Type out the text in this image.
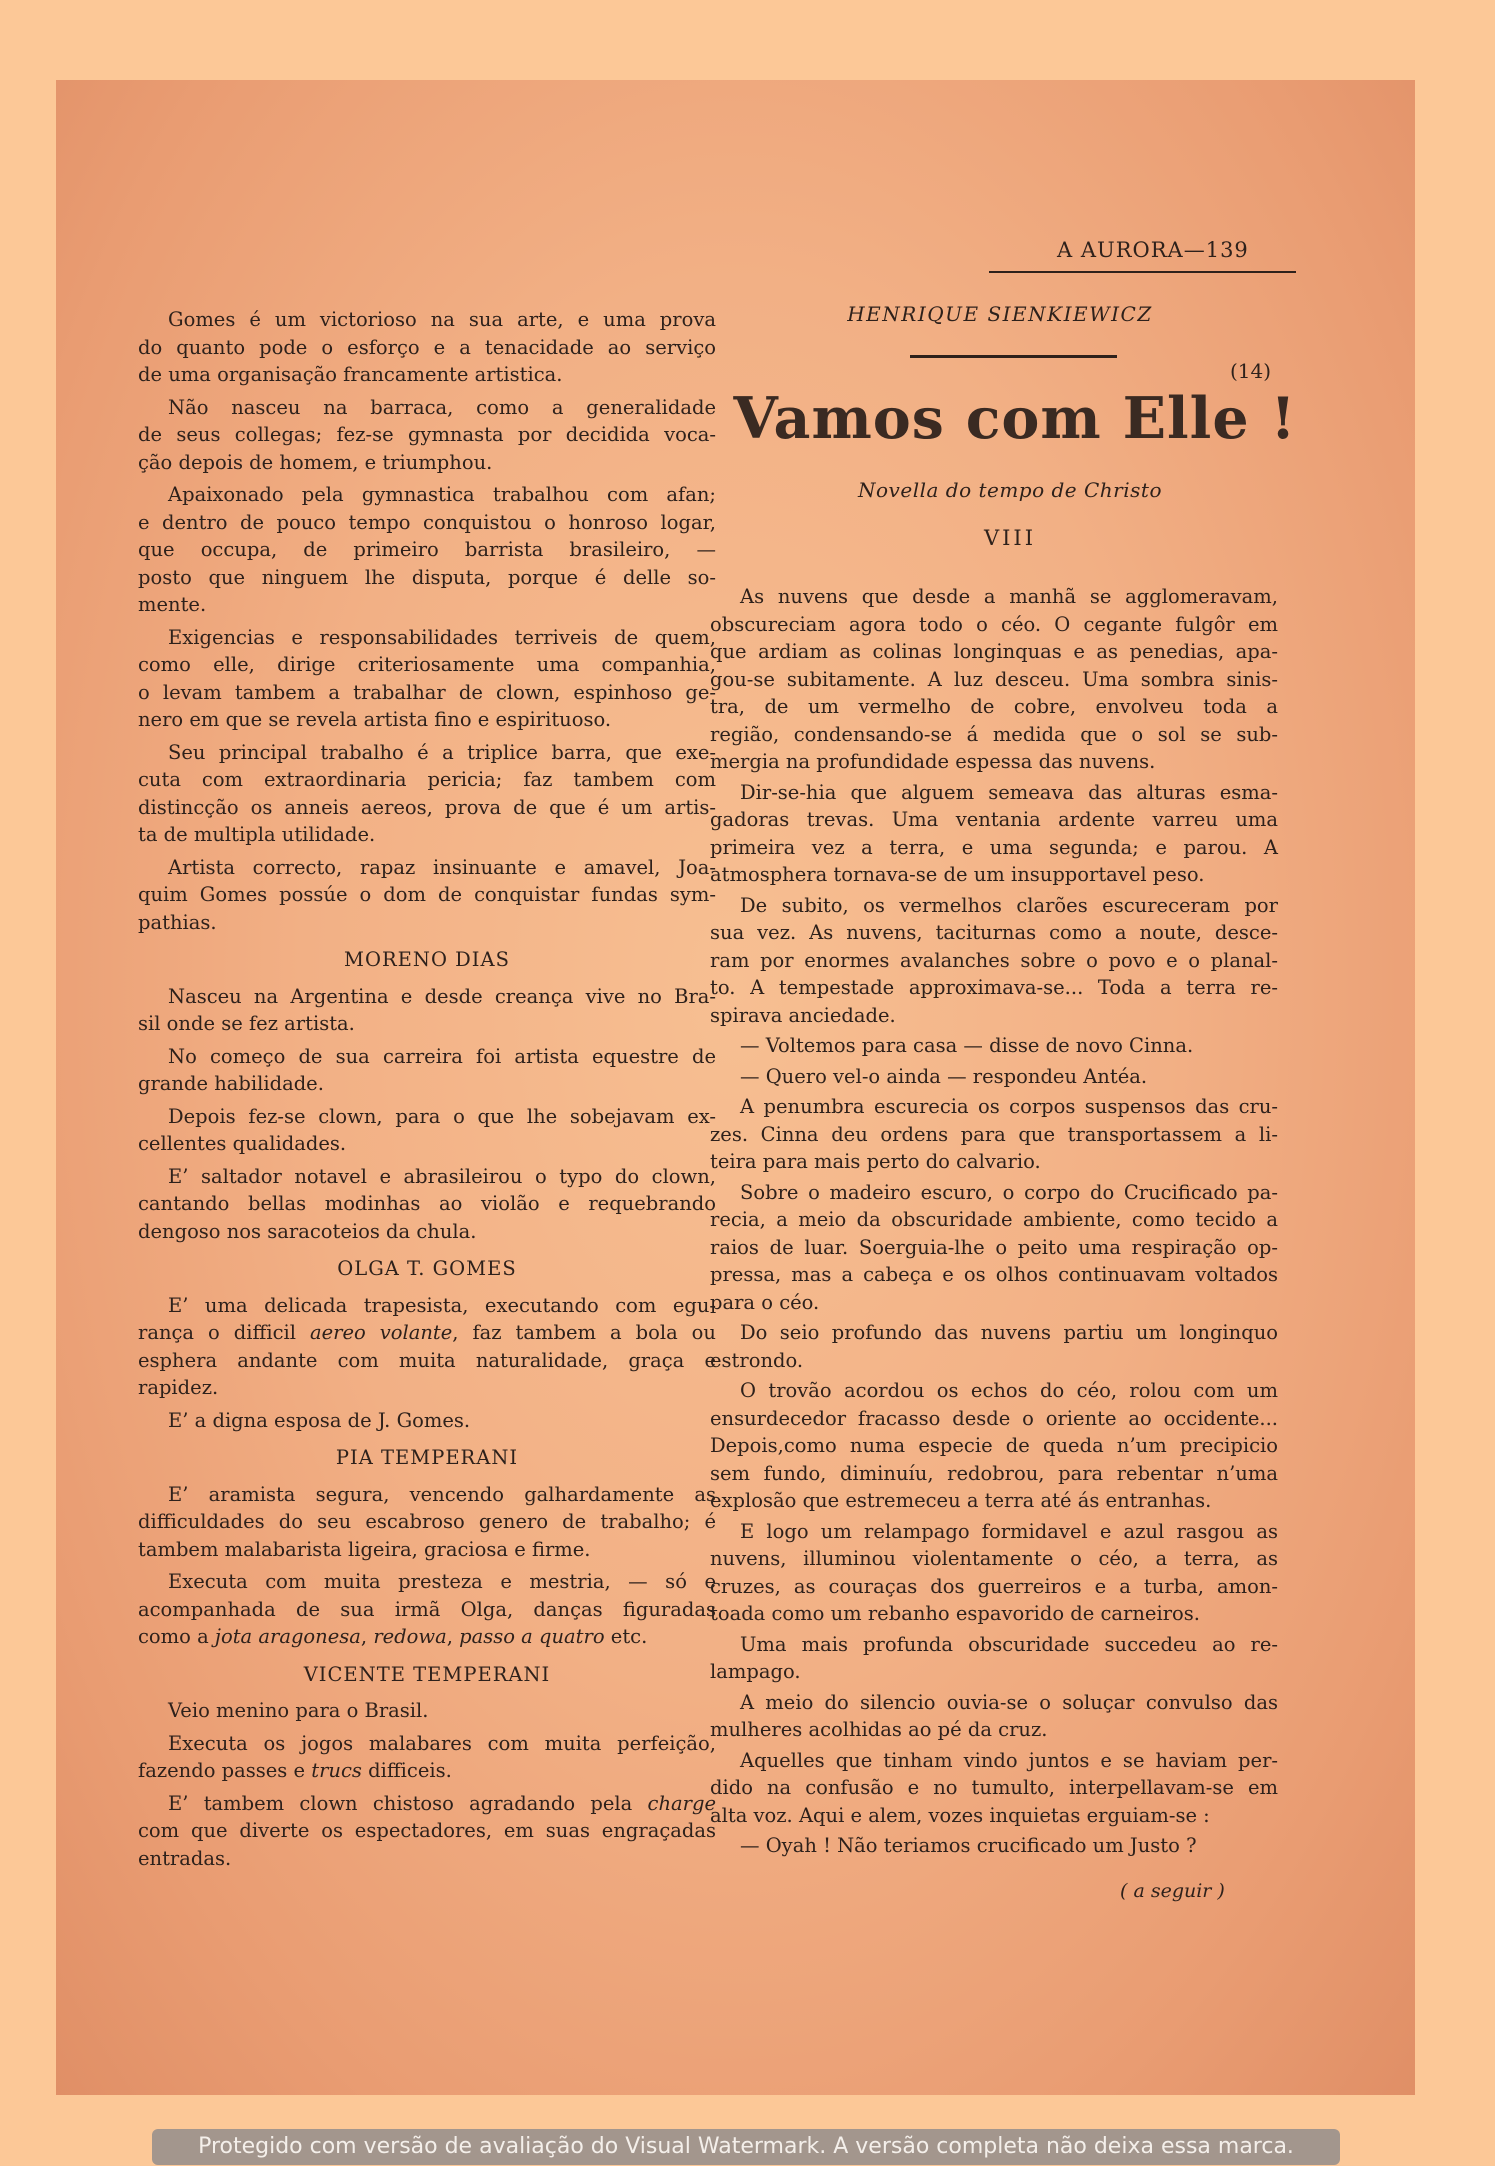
A AURORA—139
Gomes é um victorioso na sua arte, e uma prova
do quanto pode o esforço e a tenacidade ao serviço
de uma organisação francamente artistica.
Não nasceu na barraca, como a generalidade
de seus collegas; fez-se gymnasta por decidida voca-
ção depois de homem, e triumphou.
Apaixonado pela gymnastica trabalhou com afan;
e dentro de pouco tempo conquistou o honroso logar,
que occupa, de primeiro barrista brasileiro, —
posto que ninguem lhe disputa, porque é delle so-
mente.
Exigencias e responsabilidades terriveis de quem,
como elle, dirige criteriosamente uma companhia,
o levam tambem a trabalhar de clown, espinhoso ge-
nero em que se revela artista fino e espirituoso.
Seu principal trabalho é a triplice barra, que exe-
cuta com extraordinaria pericia; faz tambem com
distincção os anneis aereos, prova de que é um artis-
ta de multipla utilidade.
Artista correcto, rapaz insinuante e amavel, Joa-
quim Gomes possúe o dom de conquistar fundas sym-
pathias.
MORENO DIAS
Nasceu na Argentina e desde creança vive no Bra-
sil onde se fez artista.
No começo de sua carreira foi artista equestre de
grande habilidade.
Depois fez-se clown, para o que lhe sobejavam ex-
cellentes qualidades.
E’ saltador notavel e abrasileirou o typo do clown,
cantando bellas modinhas ao violão e requebrando
dengoso nos saracoteios da chula.
OLGA T. GOMES
E’ uma delicada trapesista, executando com egu-
rança o difficil aereo volante, faz tambem a bola ou
esphera andante com muita naturalidade, graça e
rapidez.
E’ a digna esposa de J. Gomes.
PIA TEMPERANI
E’ aramista segura, vencendo galhardamente as
difficuldades do seu escabroso genero de trabalho; é
tambem malabarista ligeira, graciosa e firme.
Executa com muita presteza e mestria, — só e
acompanhada de sua irmã Olga, danças figuradas
como a jota aragonesa, redowa, passo a quatro etc.
VICENTE TEMPERANI
Veio menino para o Brasil.
Executa os jogos malabares com muita perfeição,
fazendo passes e trucs difficeis.
E’ tambem clown chistoso agradando pela charge
com que diverte os espectadores, em suas engraçadas
entradas.
HENRIQUE SIENKIEWICZ
(14)
Vamos com Elle !
Novella do tempo de Christo
VIII
As nuvens que desde a manhã se agglomeravam,
obscureciam agora todo o céo. O cegante fulgôr em
que ardiam as colinas longinquas e as penedias, apa-
gou-se subitamente. A luz desceu. Uma sombra sinis-
tra, de um vermelho de cobre, envolveu toda a
região, condensando-se á medida que o sol se sub-
mergia na profundidade espessa das nuvens.
Dir-se-hia que alguem semeava das alturas esma-
gadoras trevas. Uma ventania ardente varreu uma
primeira vez a terra, e uma segunda; e parou. A
atmosphera tornava-se de um insupportavel peso.
De subito, os vermelhos clarões escureceram por
sua vez. As nuvens, taciturnas como a noute, desce-
ram por enormes avalanches sobre o povo e o planal-
to. A tempestade approximava-se... Toda a terra re-
spirava anciedade.
— Voltemos para casa — disse de novo Cinna.
— Quero vel-o ainda — respondeu Antéa.
A penumbra escurecia os corpos suspensos das cru-
zes. Cinna deu ordens para que transportassem a li-
teira para mais perto do calvario.
Sobre o madeiro escuro, o corpo do Crucificado pa-
recia, a meio da obscuridade ambiente, como tecido a
raios de luar. Soerguia-lhe o peito uma respiração op-
pressa, mas a cabeça e os olhos continuavam voltados
para o céo.
Do seio profundo das nuvens partiu um longinquo
estrondo.
O trovão acordou os echos do céo, rolou com um
ensurdecedor fracasso desde o oriente ao occidente...
Depois,como numa especie de queda n’um precipicio
sem fundo, diminuíu, redobrou, para rebentar n’uma
explosão que estremeceu a terra até ás entranhas.
E logo um relampago formidavel e azul rasgou as
nuvens, illuminou violentamente o céo, a terra, as
cruzes, as couraças dos guerreiros e a turba, amon-
toada como um rebanho espavorido de carneiros.
Uma mais profunda obscuridade succedeu ao re-
lampago.
A meio do silencio ouvia-se o soluçar convulso das
mulheres acolhidas ao pé da cruz.
Aquelles que tinham vindo juntos e se haviam per-
dido na confusão e no tumulto, interpellavam-se em
alta voz. Aqui e alem, vozes inquietas erguiam-se :
— Oyah ! Não teriamos crucificado um Justo ?
( a seguir )
Protegido com versão de avaliação do Visual Watermark. A versão completa não deixa essa marca.
